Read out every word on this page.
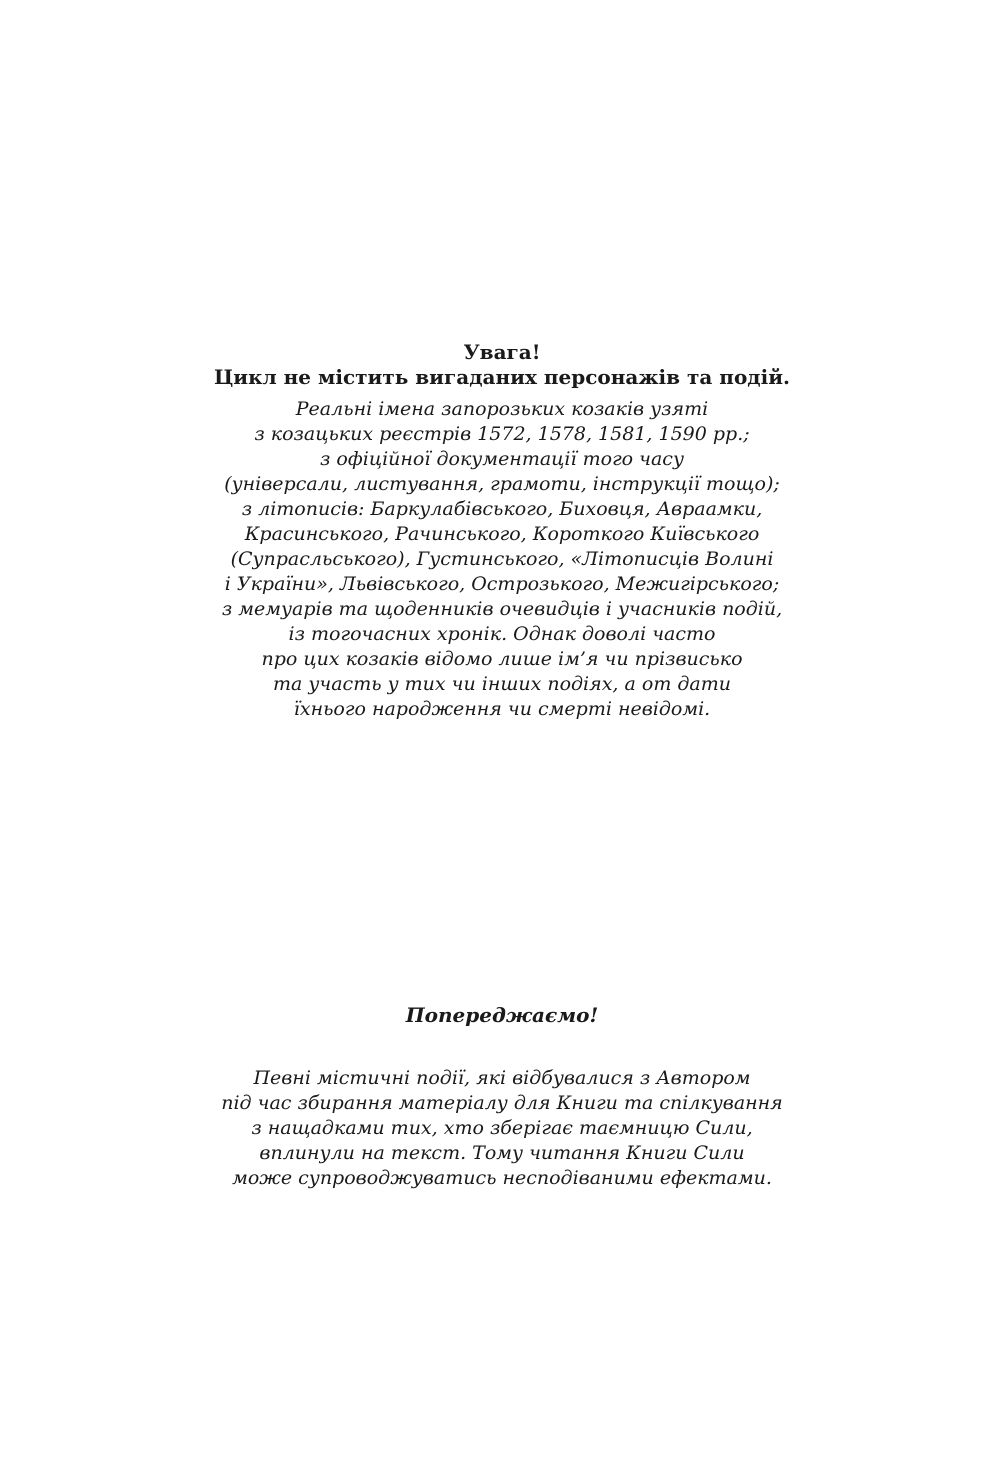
Увага!

Цикл не містить вигаданих персонажів та подій.

Реальні імена запорозьких козаків узяті
з козацьких реєстрів 1572, 1578, 1581, 1590 рр.;
з офіційної документації того часу
(універсали, листування, грамоти, інструкції тощо);
з літописів: Баркулабівського, Биховця, Авраамки,
Красинського, Рачинського, Короткого Київського
(Супрасльського), Густинського, «Літописців Волині
і України», Львівського, Острозького, Межигірського;
з мемуарів та щоденників очевидців і учасників подій,
із тогочасних хронік. Однак доволі часто
про цих козаків відомо лише ім’я чи прізвисько
та участь у тих чи інших подіях, а от дати
їхнього народження чи смерті невідомі.

Попереджаємо!

Певні містичні події, які відбувалися з Автором
під час збирання матеріалу для Книги та спілкування
з нащадками тих, хто зберігає таємницю Сили,
вплинули на текст. Тому читання Книги Сили
може супроводжуватись несподіваними ефектами.
